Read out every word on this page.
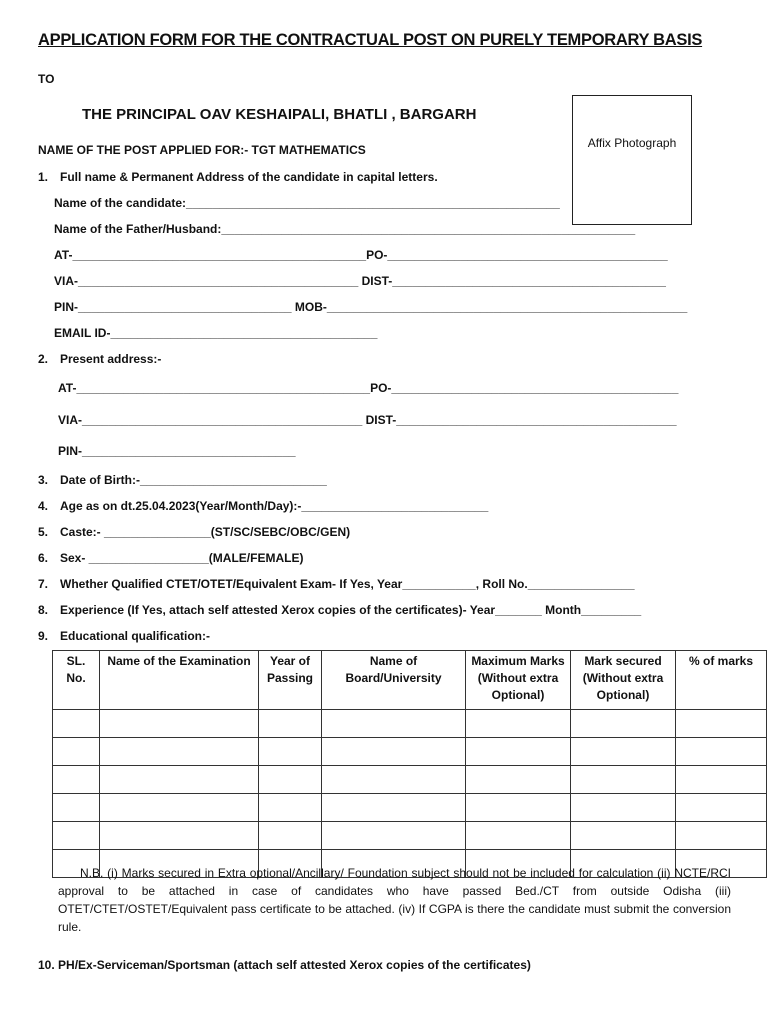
APPLICATION FORM FOR THE CONTRACTUAL POST ON PURELY TEMPORARY BASIS
TO
THE PRINCIPAL OAV KESHAIPALI, BHATLI , BARGARH
NAME OF THE POST APPLIED FOR:- TGT MATHEMATICS	Affix Photograph
1. Full name & Permanent Address of the candidate in capital letters.
Name of the candidate:________________________________________________________
Name of the Father/Husband:______________________________________________________________
AT-____________________________________________PO-__________________________________________
VIA-__________________________________________ DIST-_________________________________________
PIN-________________________________ MOB-______________________________________________________
EMAIL ID-________________________________________
2. Present address:-
AT-____________________________________________PO-___________________________________________
VIA-__________________________________________ DIST-__________________________________________
PIN-________________________________
3. Date of Birth:-____________________________
4. Age as on dt.25.04.2023(Year/Month/Day):-____________________________
5. Caste:- ________________(ST/SC/SEBC/OBC/GEN)
6. Sex- __________________(MALE/FEMALE)
7. Whether Qualified CTET/OTET/Equivalent Exam- If Yes, Year___________, Roll No.________________
8. Experience (If Yes, attach self attested Xerox copies of the certificates)- Year_______ Month_________
9. Educational qualification:-
SL. No.	Name of the Examination	Year of Passing	Name of Board/University	Maximum Marks (Without extra Optional)	Mark secured (Without extra Optional)	% of marks

N.B. (i) Marks secured in Extra optional/Ancillary/ Foundation subject should not be included for calculation (ii) NCTE/RCI approval to be attached in case of candidates who have passed Bed./CT from outside Odisha (iii) OTET/CTET/OSTET/Equivalent pass certificate to be attached. (iv) If CGPA is there the candidate must submit the conversion rule.
10. PH/Ex-Serviceman/Sportsman (attach self attested Xerox copies of the certificates)
